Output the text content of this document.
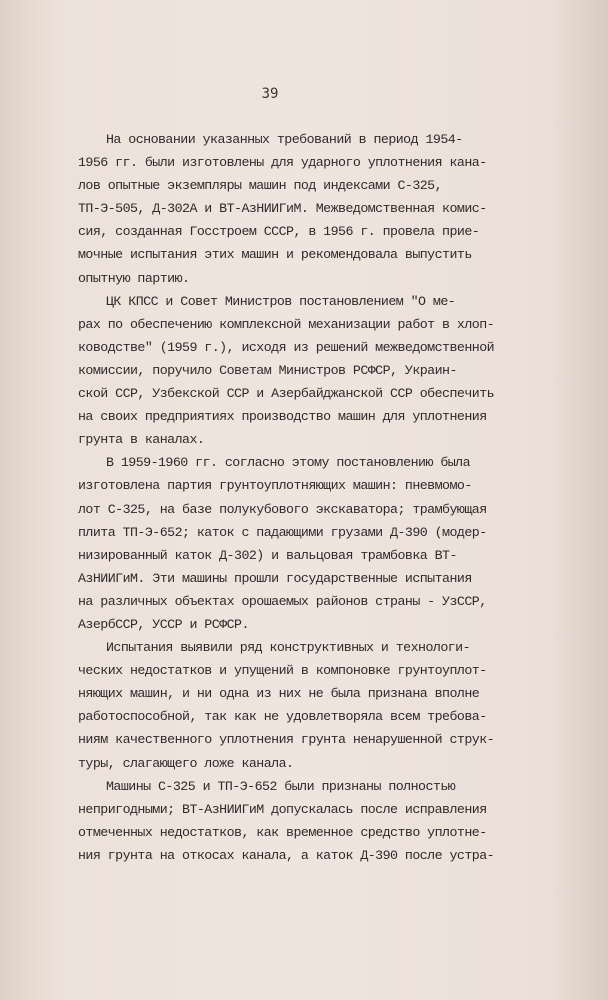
39
На основании указанных требований в период 1954-
1956 гг. были изготовлены для ударного уплотнения кана-
лов опытные экземпляры машин под индексами С-325,
ТП-Э-505, Д-302А и ВТ-АзНИИГиМ. Межведомственная комис-
сия, созданная Госстроем СССР, в 1956 г. провела прие-
мочные испытания этих машин и рекомендовала выпустить
опытную партию.
ЦК КПСС и Совет Министров постановлением "О ме-
рах по обеспечению комплексной механизации работ в хлоп-
ководстве" (1959 г.), исходя из решений межведомственной
комиссии, поручило Советам Министров РСФСР, Украин-
ской ССР, Узбекской ССР и Азербайджанской ССР обеспечить
на своих предприятиях производство машин для уплотнения
грунта в каналах.
В 1959-1960 гг. согласно этому постановлению была
изготовлена партия грунтоуплотняющих машин: пневмомо-
лот С-325, на базе полукубового экскаватора; трамбующая
плита ТП-Э-652; каток с падающими грузами Д-390 (модер-
низированный каток Д-302) и вальцовая трамбовка ВТ-
АзНИИГиМ. Эти машины прошли государственные испытания
на различных объектах орошаемых районов страны - УзССР,
АзербССР, УССР и РСФСР.
Испытания выявили ряд конструктивных и технологи-
ческих недостатков и упущений в компоновке грунтоуплот-
няющих машин, и ни одна из них не была признана вполне
работоспособной, так как не удовлетворяла всем требова-
ниям качественного уплотнения грунта ненарушенной струк-
туры, слагающего ложе канала.
Машины С-325 и ТП-Э-652 были признаны полностью
непригодными; ВТ-АзНИИГиМ допускалась после исправления
отмеченных недостатков, как временное средство уплотне-
ния грунта на откосах канала, а каток Д-390 после устра-
